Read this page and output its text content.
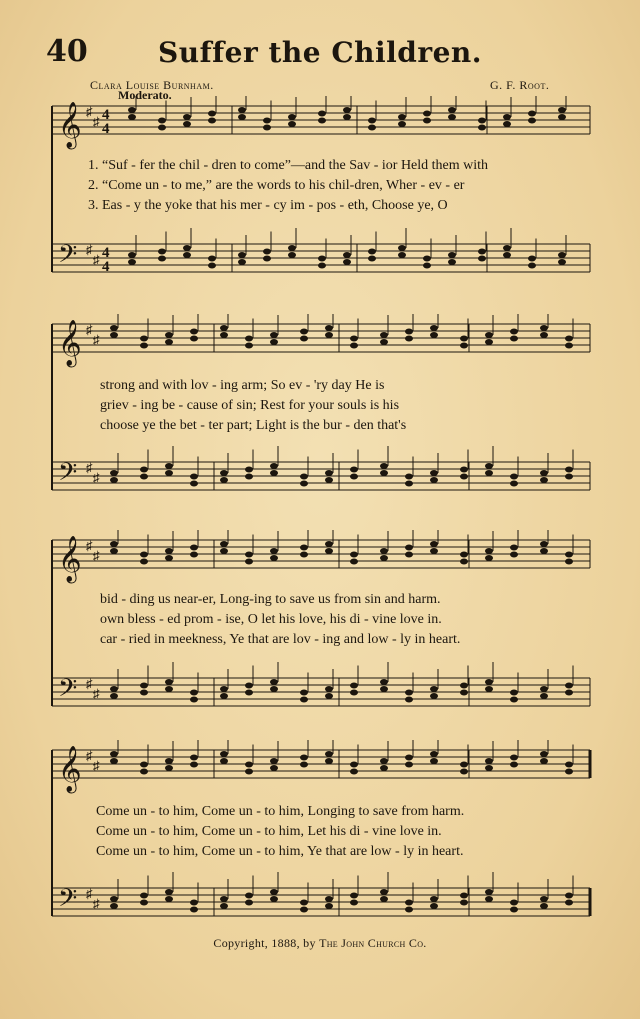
40	Suffer the Children.
Clara Louise Burnham.	G. F. Root.
Moderato.
𝄞
𝄢
♯
♯
♯
♯
4
4
4
4
1. “Suf - fer the chil - dren to come”—and the Sav - ior Held them with
2. “Come un - to me,” are the words to his chil-dren, Wher - ev - er
3. Eas - y the yoke that his mer - cy im - pos - eth, Choose ye, O
𝄞
𝄢
♯
♯
♯
♯
strong and with lov - ing arm; So ev - 'ry day He is
griev - ing be - cause of sin; Rest for your souls is his
choose ye the bet - ter part; Light is the bur - den that's
𝄞
𝄢
♯
♯
♯
♯
bid - ding us near-er, Long-ing to save us from sin and harm.
own bless - ed prom - ise, O let his love, his di - vine love in.
car - ried in meekness, Ye that are lov - ing and low - ly in heart.
𝄞
𝄢
♯
♯
♯
♯
Come un - to him, Come un - to him, Longing to save from harm.
Come un - to him, Come un - to him, Let his di - vine love in.
Come un - to him, Come un - to him, Ye that are low - ly in heart.
Copyright, 1888, by The John Church Co.
